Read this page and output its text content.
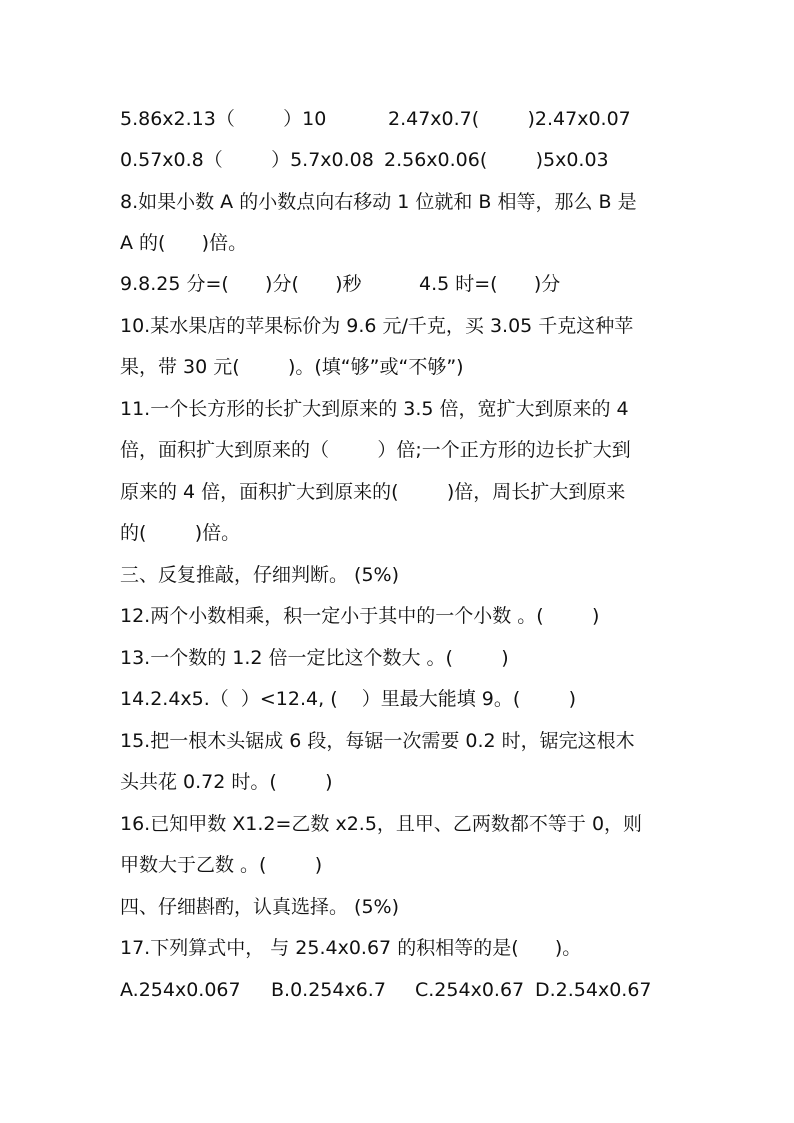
5.86x2.13（        ）10	2.47x0.7(        )2.47x0.07
0.57x0.8（        ）5.7x0.08 2.56x0.06(        )5x0.03

8.如果小数 A 的小数点向右移动 1 位就和 B 相等，那么 B 是

A 的(      )倍。

9.8.25 分=(      )分(      )秒	4.5 时=(      )分

10.某水果店的苹果标价为 9.6 元/千克，买 3.05 千克这种苹

果，带 30 元(        )。(填“够”或“不够”)

11.一个长方形的长扩大到原来的 3.5 倍，宽扩大到原来的 4

倍，面积扩大到原来的（        ）倍;一个正方形的边长扩大到

原来的 4 倍，面积扩大到原来的(        )倍，周长扩大到原来

的(        )倍。

三、反复推敲，仔细判断。 (5%)

12.两个小数相乘，积一定小于其中的一个小数 。(        )

13.一个数的 1.2 倍一定比这个数大 。(        )

14.2.4x5.（  ）<12.4, (    ）里最大能填 9。(        )

15.把一根木头锯成 6 段，每锯一次需要 0.2 时，锯完这根木

头共花 0.72 时。(        )

16.已知甲数 X1.2=乙数 x2.5，且甲、乙两数都不等于 0，则

甲数大于乙数 。(        )

四、仔细斟酌，认真选择。 (5%)

17.下列算式中， 与 25.4x0.67 的积相等的是(      )。

A.254x0.067 B.0.254x6.7 C.254x0.67 D.2.54x0.67
